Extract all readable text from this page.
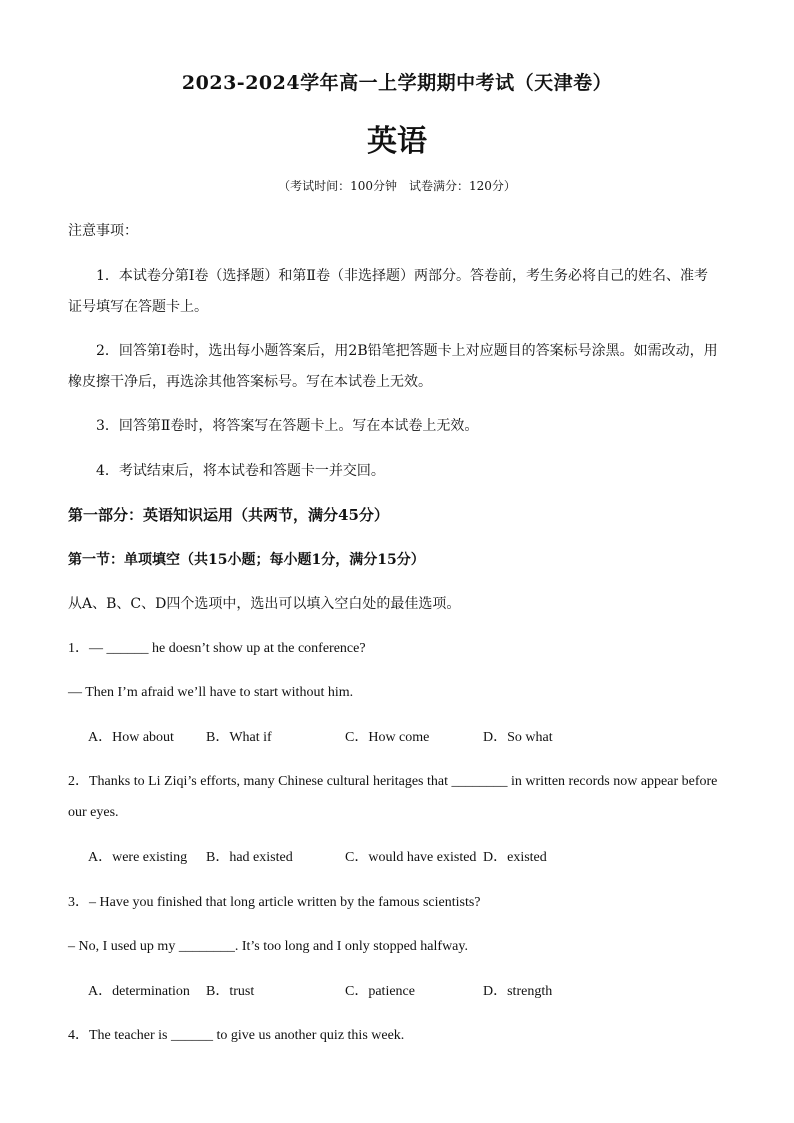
2023-2024学年高一上学期期中考试（天津卷）
英语
（考试时间：100分钟　试卷满分：120分）
注意事项：
1．本试卷分第Ⅰ卷（选择题）和第Ⅱ卷（非选择题）两部分。答卷前，考生务必将自己的姓名、准考
证号填写在答题卡上。
2．回答第Ⅰ卷时，选出每小题答案后，用2B铅笔把答题卡上对应题目的答案标号涂黑。如需改动，用
橡皮擦干净后，再选涂其他答案标号。写在本试卷上无效。
3．回答第Ⅱ卷时，将答案写在答题卡上。写在本试卷上无效。
4．考试结束后，将本试卷和答题卡一并交回。
第一部分：英语知识运用（共两节，满分45分）
第一节：单项填空（共15小题；每小题1分，满分15分）
从A、B、C、D四个选项中，选出可以填入空白处的最佳选项。
1．— ______ he doesn’t show up at the conference?
— Then I’m afraid we’ll have to start without him.
A．How about B．What if	C．How come	D．So what
2．Thanks to Li Ziqi’s efforts, many Chinese cultural heritages that ________ in written records now appear before
our eyes.
A．were existing B．had existed	C．would have existed D．existed
3．– Have you finished that long article written by the famous scientists?
– No, I used up my ________. It’s too long and I only stopped halfway.
A．determination B．trust	C．patience	D．strength
4．The teacher is ______ to give us another quiz this week.
